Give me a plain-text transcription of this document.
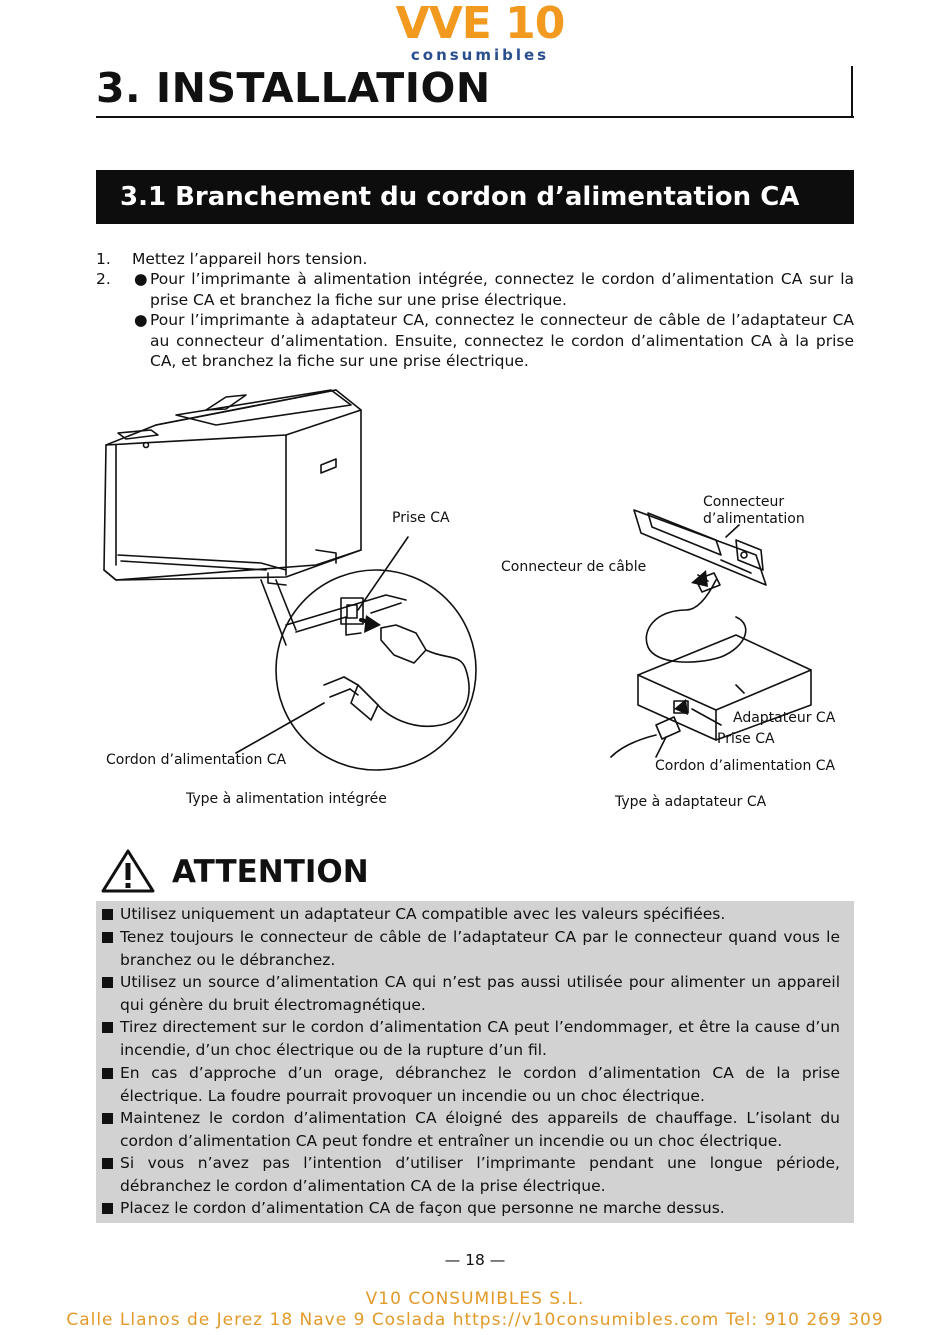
VVE 10
consumibles
3. INSTALLATION
3.1 Branchement du cordon d’alimentation CA
1. Mettez l’appareil hors tension.
2. ● Pour l’imprimante à alimentation intégrée, connectez le cordon d’alimentation CA sur la prise CA et branchez la fiche sur une prise électrique.
● Pour l’imprimante à adaptateur CA, connectez le connecteur de câble de l’adaptateur CA au connecteur d’alimentation. Ensuite, connectez le cordon d’alimentation CA à la prise CA, et branchez la fiche sur une prise électrique.
Prise CA
Cordon d’alimentation CA
Type à alimentation intégrée
Connecteur
d’alimentation
Connecteur de câble
Adaptateur CA
Prise CA
Cordon d’alimentation CA
Type à adaptateur CA
ATTENTION
Utilisez uniquement un adaptateur CA compatible avec les valeurs spécifiées.
Tenez toujours le connecteur de câble de l’adaptateur CA par le connecteur quand vous le branchez ou le débranchez.
Utilisez un source d’alimentation CA qui n’est pas aussi utilisée pour alimenter un appareil qui génère du bruit électromagnétique.
Tirez directement sur le cordon d’alimentation CA peut l’endommager, et être la cause d’un incendie, d’un choc électrique ou de la rupture d’un fil.
En cas d’approche d’un orage, débranchez le cordon d’alimentation CA de la prise électrique. La foudre pourrait provoquer un incendie ou un choc électrique.
Maintenez le cordon d’alimentation CA éloigné des appareils de chauffage. L’isolant du cordon d’alimentation CA peut fondre et entraîner un incendie ou un choc électrique.
Si vous n’avez pas l’intention d’utiliser l’imprimante pendant une longue période, débranchez le cordon d’alimentation CA de la prise électrique.
Placez le cordon d’alimentation CA de façon que personne ne marche dessus.
— 18 —
V10 CONSUMIBLES S.L.
Calle Llanos de Jerez 18 Nave 9 Coslada https://v10consumibles.com Tel: 910 269 309
